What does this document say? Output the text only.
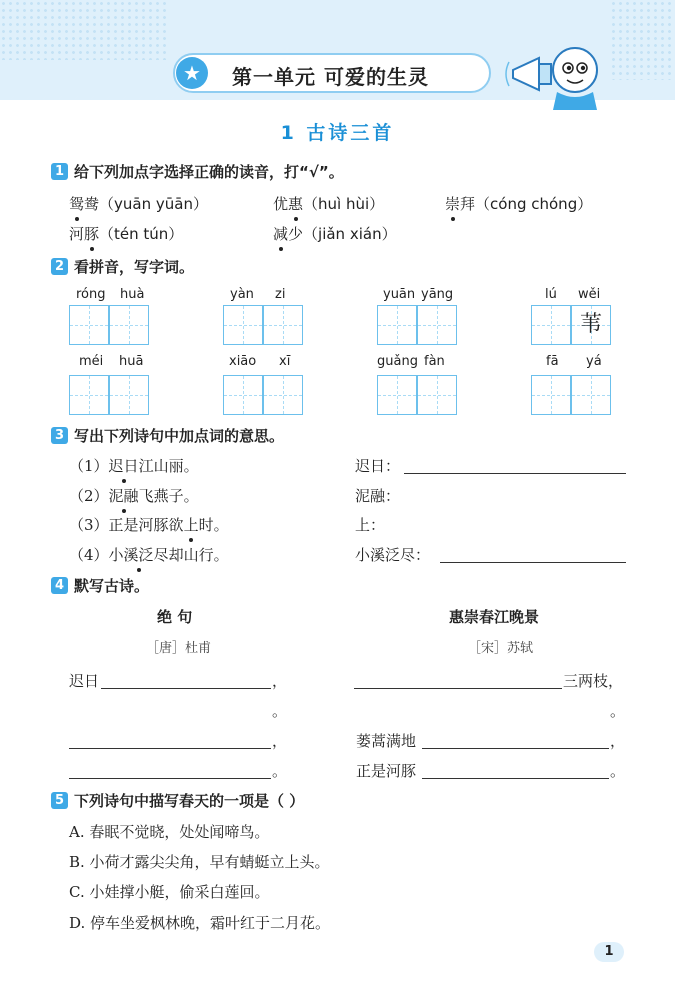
★	第一单元 可爱的生灵
1 古诗三首
1 给下列加点字选择正确的读音，打“√”。
鸳鸯（yuān yūān）	优惠（huì hùi）	崇拜（cóng chóng）
河豚（tén tún）	减少（jiǎn xián）
2 看拼音，写字词。
róng huà	yàn zi	yuān yāng	lú wěi
苇
méi huā	xiāo xī	guǎng fàn	fā yá
3 写出下列诗句中加点词的意思。
（1）迟日江山丽。	迟日：
（2）泥融飞燕子。	泥融：
（3）正是河豚欲上时。	上：
（4）小溪泛尽却山行。	小溪泛尽：
4 默写古诗。
绝 句
［唐］杜甫
惠崇春江晚景
［宋］苏轼
迟日	，
。
，
。
三两枝，
。
蒌蒿满地	，
正是河豚	。
5 下列诗句中描写春天的一项是（ ）
A. 春眠不觉晓，处处闻啼鸟。
B. 小荷才露尖尖角，早有蜻蜓立上头。
C. 小娃撑小艇，偷采白莲回。
D. 停车坐爱枫林晚，霜叶红于二月花。
1
